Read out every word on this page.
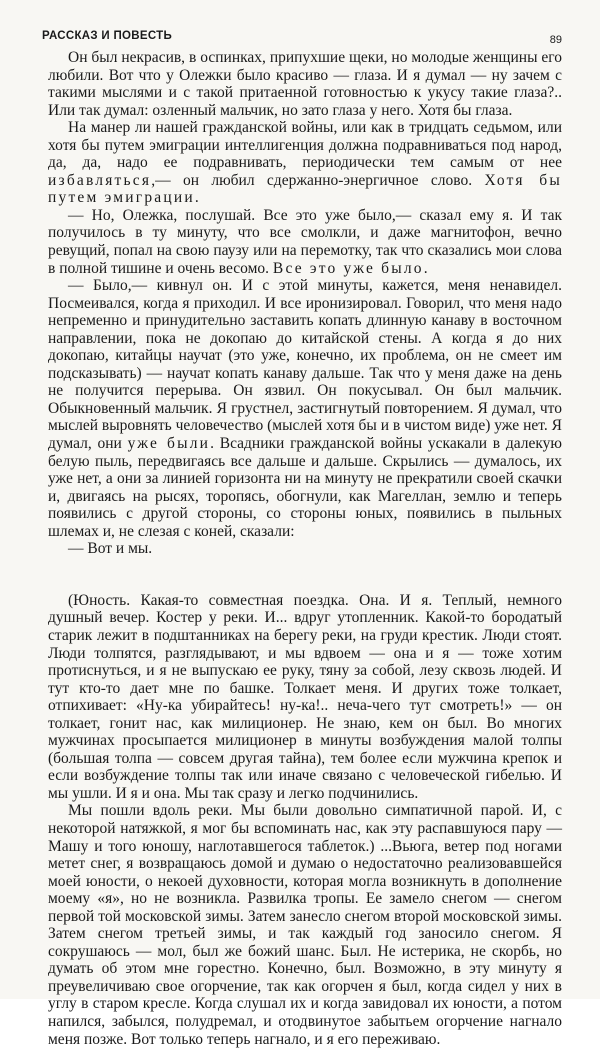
РАССКАЗ И ПОВЕСТЬ	89

Он был некрасив, в оспинках, припухшие щеки, но молодые женщины его любили. Вот что у Олежки было красиво — глаза. И я думал — ну зачем с такими мыслями и с такой притаенной готовностью к укусу такие глаза?.. Или так думал: озленный мальчик, но зато глаза у него. Хотя бы глаза.

На манер ли нашей гражданской войны, или как в тридцать седьмом, или хотя бы путем эмиграции интеллигенция должна подравниваться под народ, да, да, надо ее подравнивать, периодически тем самым от нее избавляться,— он любил сдержанно-энергичное слово. Хотя бы путем эмиграции.

— Но, Олежка, послушай. Все это уже было,— сказал ему я. И так получилось в ту минуту, что все смолкли, и даже магнитофон, вечно ревущий, попал на свою паузу или на перемотку, так что сказались мои слова в полной тишине и очень весомо. Все это уже было.

— Было,— кивнул он. И с этой минуты, кажется, меня ненавидел. Посмеивался, когда я приходил. И все иронизировал. Говорил, что меня надо непременно и принудительно заставить копать длинную канаву в восточном направлении, пока не докопаю до китайской стены. А когда я до них докопаю, китайцы научат (это уже, конечно, их проблема, он не смеет им подсказывать) — научат копать канаву дальше. Так что у меня даже на день не получится перерыва. Он язвил. Он покусывал. Он был мальчик. Обыкновенный мальчик. Я грустнел, застигнутый повторением. Я думал, что мыслей выровнять человечество (мыслей хотя бы и в чистом виде) уже нет. Я думал, они уже были. Всадники гражданской войны ускакали в далекую белую пыль, передвигаясь все дальше и дальше. Скрылись — думалось, их уже нет, а они за линией горизонта ни на минуту не прекратили своей скачки и, двигаясь на рысях, торопясь, обогнули, как Магеллан, землю и теперь появились с другой стороны, со стороны юных, появились в пыльных шлемах и, не слезая с коней, сказали:

— Вот и мы.

(Юность. Какая-то совместная поездка. Она. И я. Теплый, немного душный вечер. Костер у реки. И... вдруг утопленник. Какой-то бородатый старик лежит в подштанниках на берегу реки, на груди крестик. Люди стоят. Люди толпятся, разглядывают, и мы вдвоем — она и я — тоже хотим протиснуться, и я не выпускаю ее руку, тяну за собой, лезу сквозь людей. И тут кто-то дает мне по башке. Толкает меня. И других тоже толкает, отпихивает: «Ну-ка убирайтесь! ну-ка!.. неча-чего тут смотреть!» — он толкает, гонит нас, как милиционер. Не знаю, кем он был. Во многих мужчинах просыпается милиционер в минуты возбуждения малой толпы (большая толпа — совсем другая тайна), тем более если мужчина крепок и если возбуждение толпы так или иначе связано с человеческой гибелью. И мы ушли. И я и она. Мы так сразу и легко подчинились.

Мы пошли вдоль реки. Мы были довольно симпатичной парой. И, с некоторой натяжкой, я мог бы вспоминать нас, как эту распавшуюся пару — Машу и того юношу, наглотавшегося таблеток.) ...Вьюга, ветер под ногами метет снег, я возвращаюсь домой и думаю о недостаточно реализовавшейся моей юности, о некоей духовности, которая могла возникнуть в дополнение моему «я», но не возникла. Развилка тропы. Ее замело снегом — снегом первой той московской зимы. Затем занесло снегом второй московской зимы. Затем снегом третьей зимы, и так каждый год заносило снегом. Я сокрушаюсь — мол, был же божий шанс. Был. Не истерика, не скорбь, но думать об этом мне горестно. Конечно, был. Возможно, в эту минуту я преувеличиваю свое огорчение, так как огорчен я был, когда сидел у них в углу в старом кресле. Когда слушал их и когда завидовал их юности, а потом напился, забылся, полудремал, и отодвинутое забытьем огорчение нагнало меня позже. Вот только теперь нагнало, и я его переживаю.
